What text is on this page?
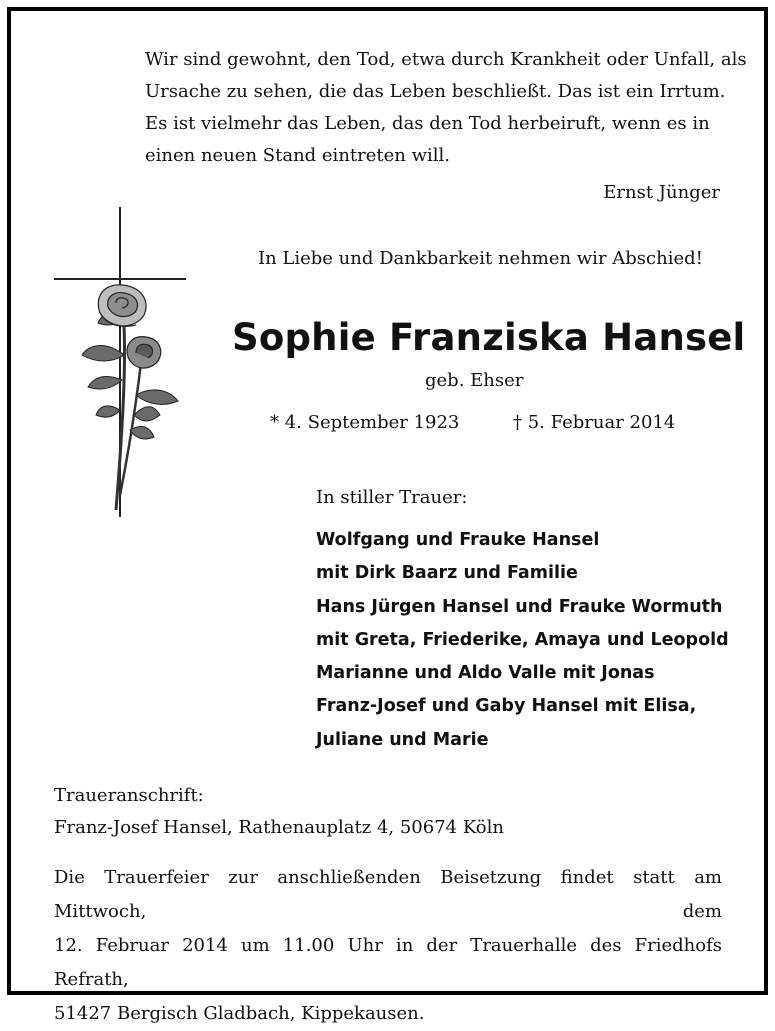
Wir sind gewohnt, den Tod, etwa durch Krankheit oder Unfall, als
Ursache zu sehen, die das Leben beschließt. Das ist ein Irrtum.
Es ist vielmehr das Leben, das den Tod herbeiruft, wenn es in
einen neuen Stand eintreten will.
Ernst Jünger
In Liebe und Dankbarkeit nehmen wir Abschied!
Sophie Franziska Hansel
geb. Ehser
* 4. September 1923	† 5. Februar 2014
In stiller Trauer:
Wolfgang und Frauke Hansel
mit Dirk Baarz und Familie
Hans Jürgen Hansel und Frauke Wormuth
mit Greta, Friederike, Amaya und Leopold
Marianne und Aldo Valle mit Jonas
Franz-Josef und Gaby Hansel mit Elisa,
Juliane und Marie
Traueranschrift:
Franz-Josef Hansel, Rathenauplatz 4, 50674 Köln
Die Trauerfeier zur anschließenden Beisetzung findet statt am Mittwoch, dem
12. Februar 2014 um 11.00 Uhr in der Trauerhalle des Friedhofs Refrath,
51427 Bergisch Gladbach, Kippekausen.
